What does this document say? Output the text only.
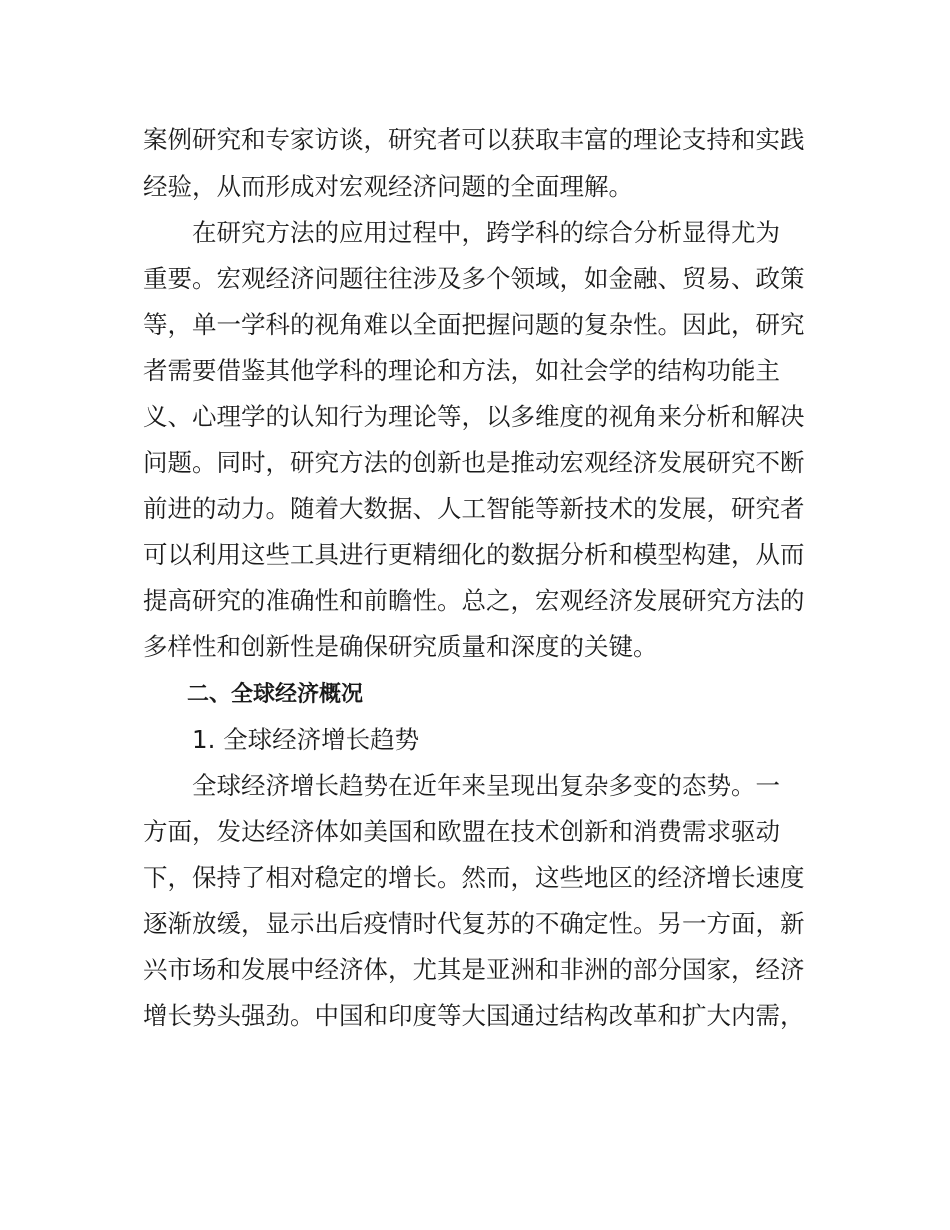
案例研究和专家访谈，研究者可以获取丰富的理论支持和实践
经验，从而形成对宏观经济问题的全面理解。
　　在研究方法的应用过程中，跨学科的综合分析显得尤为
重要。宏观经济问题往往涉及多个领域，如金融、贸易、政策
等，单一学科的视角难以全面把握问题的复杂性。因此，研究
者需要借鉴其他学科的理论和方法，如社会学的结构功能主
义、心理学的认知行为理论等，以多维度的视角来分析和解决
问题。同时，研究方法的创新也是推动宏观经济发展研究不断
前进的动力。随着大数据、人工智能等新技术的发展，研究者
可以利用这些工具进行更精细化的数据分析和模型构建，从而
提高研究的准确性和前瞻性。总之，宏观经济发展研究方法的
多样性和创新性是确保研究质量和深度的关键。
　　二、全球经济概况
　　1. 全球经济增长趋势
　　全球经济增长趋势在近年来呈现出复杂多变的态势。一
方面，发达经济体如美国和欧盟在技术创新和消费需求驱动
下，保持了相对稳定的增长。然而，这些地区的经济增长速度
逐渐放缓，显示出后疫情时代复苏的不确定性。另一方面，新
兴市场和发展中经济体，尤其是亚洲和非洲的部分国家，经济
增长势头强劲。中国和印度等大国通过结构改革和扩大内需，
